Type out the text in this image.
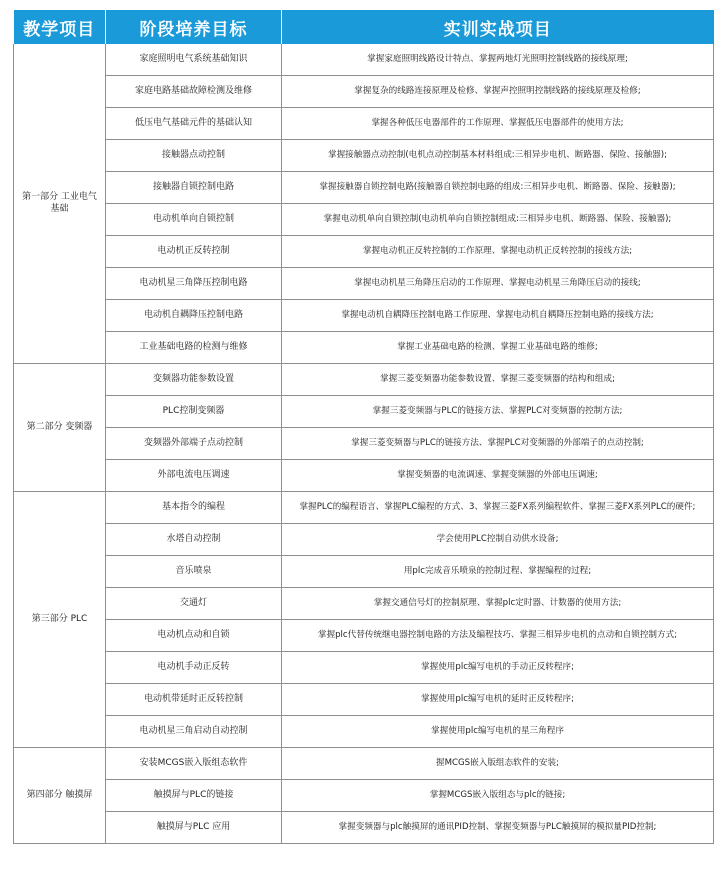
教学项目	阶段培养目标	实训实战项目
第一部分 工业电气基础	家庭照明电气系统基础知识	掌握家庭照明线路设计特点、掌握两地灯光照明控制线路的接线原理;
	家庭电路基础故障检测及维修	掌握复杂的线路连接原理及检修、掌握声控照明控制线路的接线原理及检修;
	低压电气基础元件的基础认知	掌握各种低压电器部件的工作原理、掌握低压电器部件的使用方法;
	接触器点动控制	掌握接触器点动控制(电机点动控制基本材料组成:三相异步电机、断路器、保险、接触器);
	接触器自锁控制电路	掌握接触器自锁控制电路(接触器自锁控制电路的组成:三相异步电机、断路器、保险、接触器);
	电动机单向自锁控制	掌握电动机单向自锁控制(电动机单向自锁控制组成:三相异步电机、断路器、保险、接触器);
	电动机正反转控制	掌握电动机正反转控制的工作原理、掌握电动机正反转控制的接线方法;
	电动机星三角降压控制电路	掌握电动机星三角降压启动的工作原理、掌握电动机星三角降压启动的接线;
	电动机自耦降压控制电路	掌握电动机自耦降压控制电路工作原理、掌握电动机自耦降压控制电路的接线方法;
	工业基础电路的检测与维修	掌握工业基础电路的检测、掌握工业基础电路的维修;
第二部分 变频器	变频器功能参数设置	掌握三菱变频器功能参数设置、掌握三菱变频器的结构和组成;
	PLC控制变频器	掌握三菱变频器与PLC的链接方法、掌握PLC对变频器的控制方法;
	变频器外部端子点动控制	掌握三菱变频器与PLC的链接方法、掌握PLC对变频器的外部端子的点动控制;
	外部电流电压调速	掌握变频器的电流调速、掌握变频器的外部电压调速;
第三部分 PLC	基本指令的编程	掌握PLC的编程语言、掌握PLC编程的方式、3、掌握三菱FX系列编程软件、掌握三菱FX系列PLC的硬件;
	水塔自动控制	学会使用PLC控制自动供水设备;
	音乐喷泉	用plc完成音乐喷泉的控制过程、掌握编程的过程;
	交通灯	掌握交通信号灯的控制原理、掌握plc定时器、计数器的使用方法;
	电动机点动和自锁	掌握plc代替传统继电器控制电路的方法及编程技巧、掌握三相异步电机的点动和自锁控制方式;
	电动机手动正反转	掌握使用plc编写电机的手动正反转程序;
	电动机带延时正反转控制	掌握使用plc编写电机的延时正反转程序;
	电动机星三角启动自动控制	掌握使用plc编写电机的星三角程序
第四部分 触摸屏	安装MCGS嵌入版组态软件	握MCGS嵌入版组态软件的安装;
	触摸屏与PLC的链接	掌握MCGS嵌入版组态与plc的链接;
	触摸屏与PLC 应用	掌握变频器与plc触摸屏的通讯PID控制、掌握变频器与PLC触摸屏的模拟量PID控制;
